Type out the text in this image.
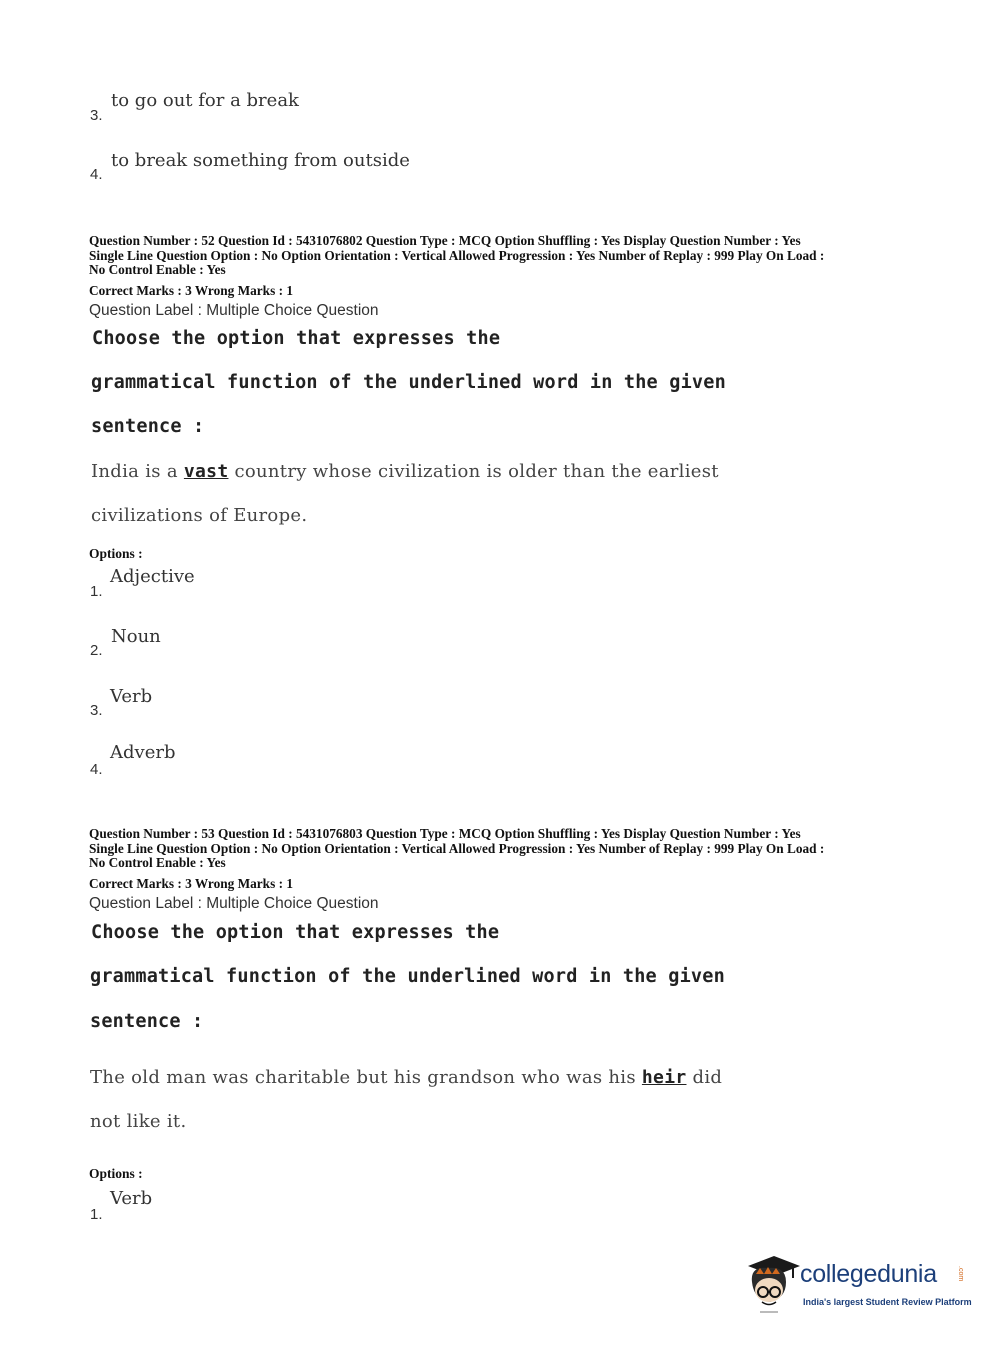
3.
to go out for a break
4.
to break something from outside
Question Number : 52 Question Id : 5431076802 Question Type : MCQ Option Shuffling : Yes Display Question Number : Yes
Single Line Question Option : No Option Orientation : Vertical Allowed Progression : Yes Number of Replay : 999 Play On Load :
No Control Enable : Yes
Correct Marks : 3 Wrong Marks : 1
Question Label : Multiple Choice Question
Choose the option that expresses the
grammatical function of the underlined word in the given
sentence :
India is a vast country whose civilization is older than the earliest
civilizations of Europe.
Options :
1.
Adjective
2.
Noun
3.
Verb
4.
Adverb
Question Number : 53 Question Id : 5431076803 Question Type : MCQ Option Shuffling : Yes Display Question Number : Yes
Single Line Question Option : No Option Orientation : Vertical Allowed Progression : Yes Number of Replay : 999 Play On Load :
No Control Enable : Yes
Correct Marks : 3 Wrong Marks : 1
Question Label : Multiple Choice Question
Choose the option that expresses the
grammatical function of the underlined word in the given
sentence :
The old man was charitable but his grandson who was his heir did
not like it.
Options :
1.
Verb
collegedunia	.com
India's largest Student Review Platform
